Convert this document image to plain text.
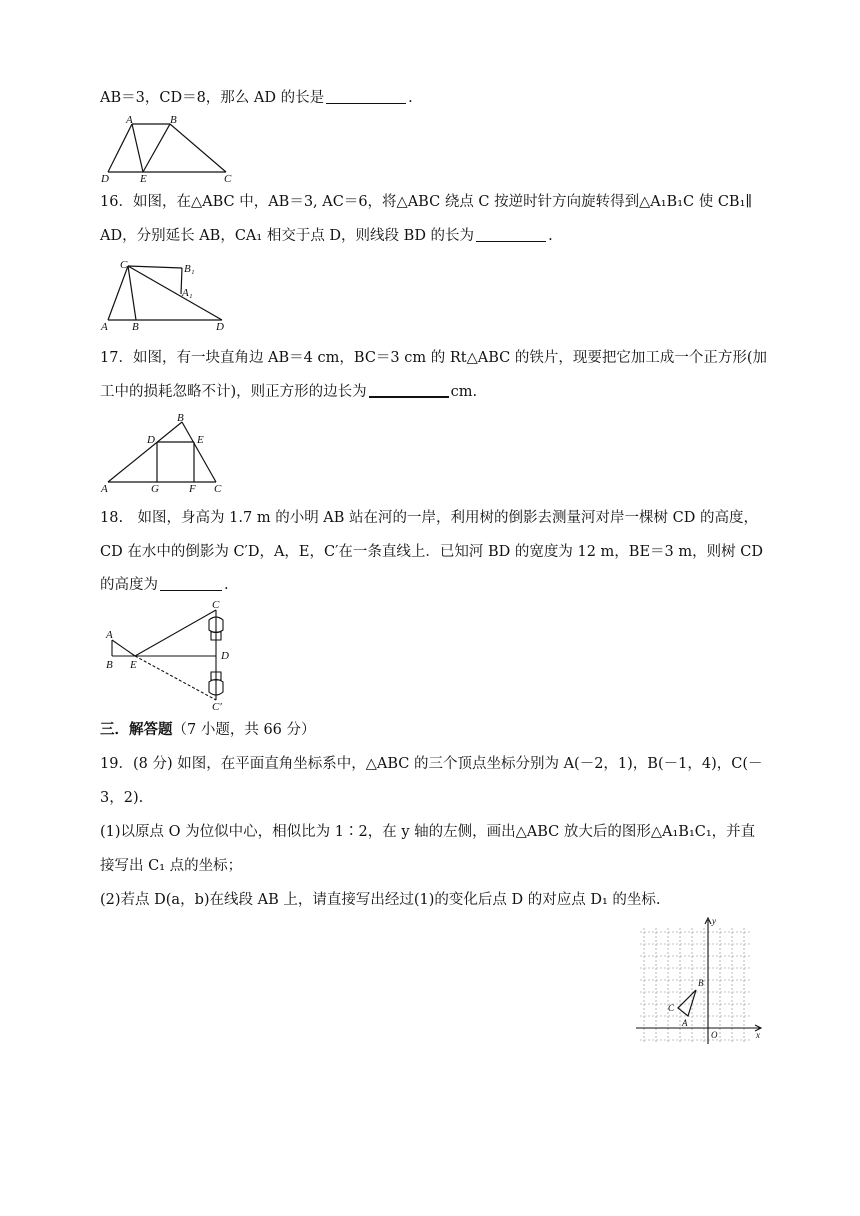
AB＝3，CD＝8，那么 AD 的长是	.
A	B
C
D	E
16．如图，在△ABC 中，AB＝3, AC＝6，将△ABC 绕点 C 按逆时针方向旋转得到△A₁B₁C 使 CB₁∥
AD，分别延长 AB，CA₁ 相交于点 D，则线段 BD 的长为	.
C	B₁
A₁
A B	D
17．如图，有一块直角边 AB＝4 cm，BC＝3 cm 的 Rt△ABC 的铁片，现要把它加工成一个正方形(加
工中的损耗忽略不计)，则正方形的边长为	cm.
B
D	E
A	G	F C
18.　如图，身高为 1.7 m 的小明 AB 站在河的一岸，利用树的倒影去测量河对岸一棵树 CD 的高度，
CD 在水中的倒影为 C′D，A，E，C′在一条直线上．已知河 BD 的宽度为 12 m，BE＝3 m，则树 CD
的高度为	.
A
B E
C
D
C′
三．解答题（7 小题，共 66 分）
19．(8 分) 如图，在平面直角坐标系中，△ABC 的三个顶点坐标分别为 A(－2，1)，B(－1，4)，C(－
3，2).
(1)以原点 O 为位似中心，相似比为 1∶2，在 y 轴的左侧，画出△ABC 放大后的图形△A₁B₁C₁，并直
接写出 C₁ 点的坐标；
(2)若点 D(a，b)在线段 AB 上，请直接写出经过(1)的变化后点 D 的对应点 D₁ 的坐标.
y
x
O
A
B
C
